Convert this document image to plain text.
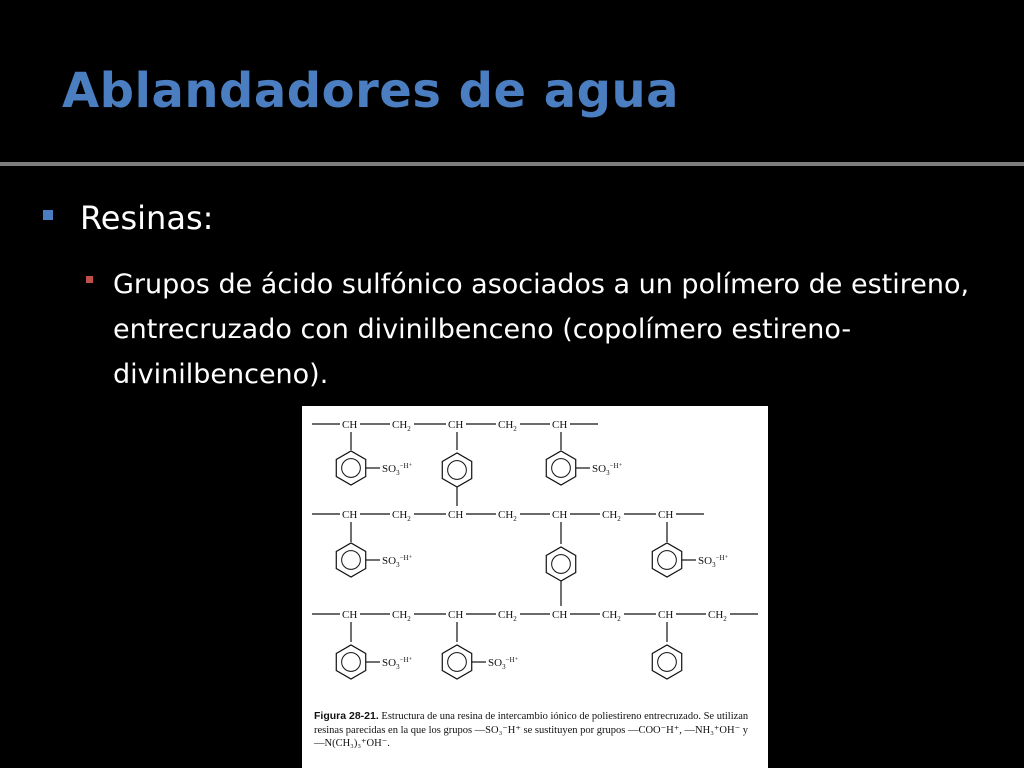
Ablandadores de agua
Resinas:
Grupos de ácido sulfónico asociados a un polímero de estireno, entrecruzado con divinilbenceno (copolímero estireno-divinilbenceno).
CH	$CH_2$	CH	$CH_2$	CH
$SO_3^{-H^+}$	$SO_3^{-H^+}$
CH	$CH_2$	CH	$CH_2$	CH	$CH_2$	CH
$SO_3^{-H^+}$	$SO_3^{-H^+}$
CH	$CH_2$	CH	$CH_2$	CH	$CH_2$	CH	$CH_2$
$SO_3^{-H^+}$	$SO_3^{-H^+}$
Figura 28-21. Estructura de una resina de intercambio iónico de poliestireno entrecruzado. Se utilizan resinas parecidas en la que los grupos —SO₃⁻H⁺ se sustituyen por grupos —COO⁻H⁺, —NH₃⁺OH⁻ y —N(CH₃)₃⁺OH⁻.
